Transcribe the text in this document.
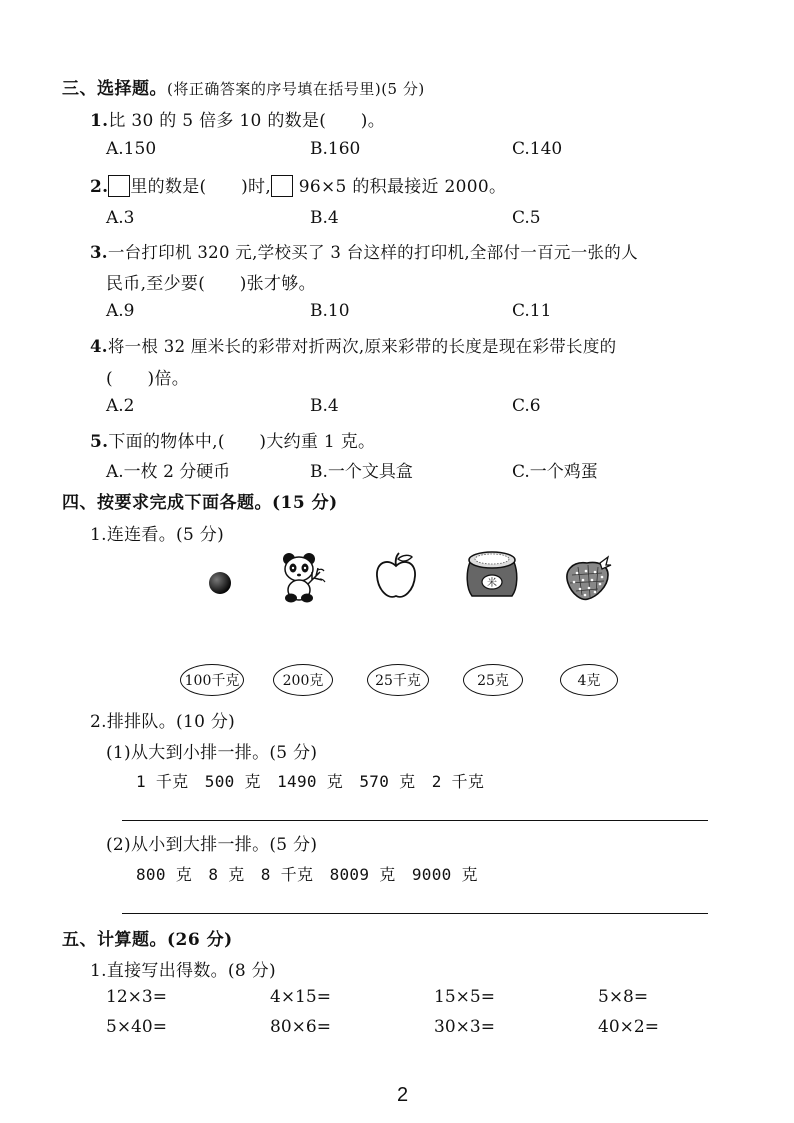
三、选择题。(将正确答案的序号填在括号里)(5 分)
1.比 30 的 5 倍多 10 的数是(　　)。
A.150	B.160	C.140
2. 里的数是(　　)时, 96×5 的积最接近 2000。
A.3	B.4	C.5
3.一台打印机 320 元,学校买了 3 台这样的打印机,全部付一百元一张的人
民币,至少要(　　)张才够。
A.9	B.10	C.11
4.将一根 32 厘米长的彩带对折两次,原来彩带的长度是现在彩带长度的
(　　)倍。
A.2	B.4	C.6
5.下面的物体中,(　　)大约重 1 克。
A.一枚 2 分硬币	B.一个文具盒	C.一个鸡蛋
四、按要求完成下面各题。(15 分)
1.连连看。(5 分)
米
100千克	200克	25千克	25克	4克
2.排排队。(10 分)
(1)从大到小排一排。(5 分)
1 千克　500 克　1490 克　570 克　2 千克
(2)从小到大排一排。(5 分)
800 克　8 克　8 千克　8009 克　9000 克
五、计算题。(26 分)
1.直接写出得数。(8 分)
12×3=	4×15=	15×5=	5×8=
5×40=	80×6=	30×3=	40×2=
2
